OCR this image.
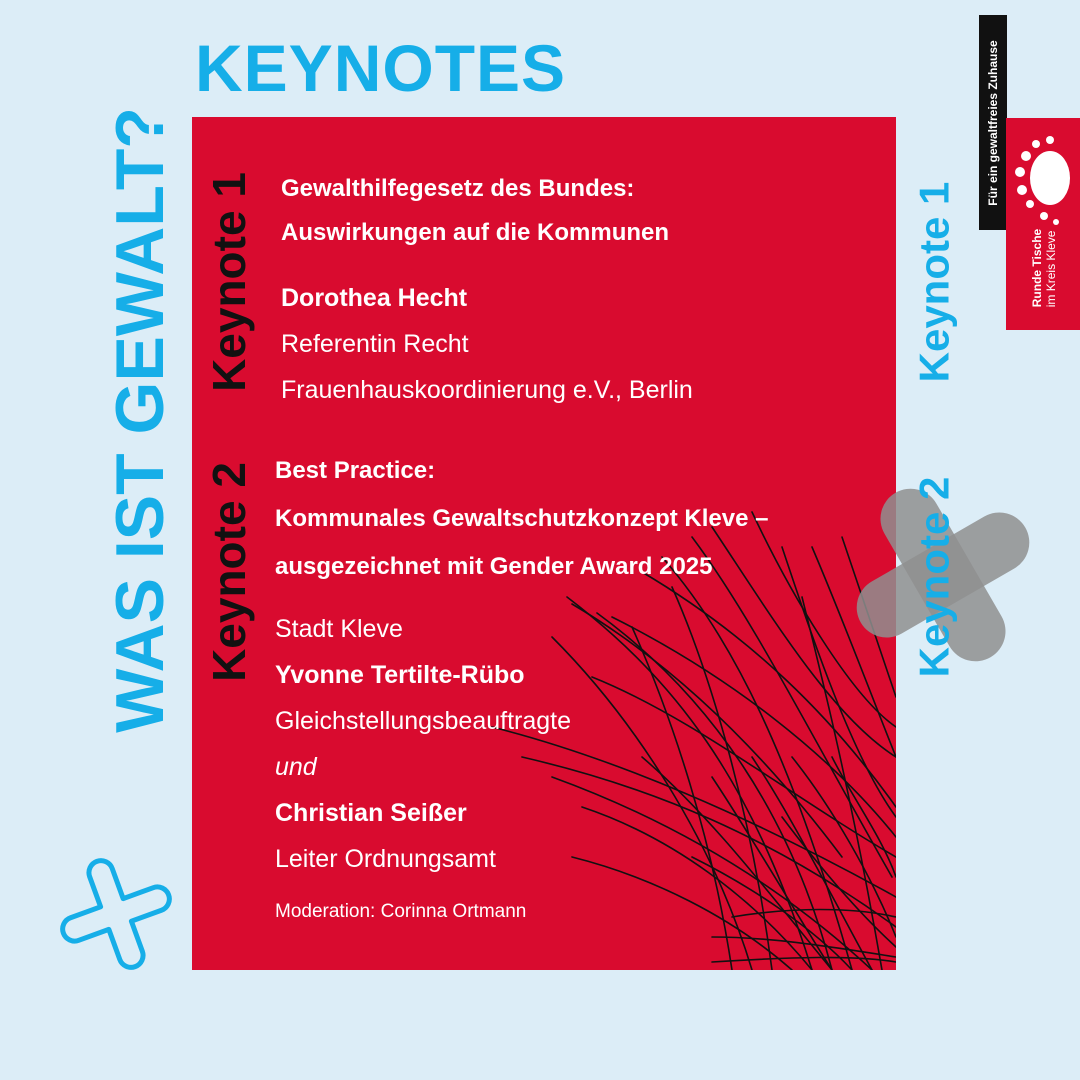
KEYNOTES
WAS IST GEWALT? Keynote 1
Keynote 2
Gewalthilfegesetz des Bundes:
Auswirkungen auf die Kommunen
Dorothea Hecht
Referentin Recht
Frauenhauskoordinierung e.V., Berlin
Best Practice:
Kommunales Gewaltschutzkonzept Kleve –
ausgezeichnet mit Gender Award 2025
Stadt Kleve
Yvonne Tertilte-Rübo
Gleichstellungsbeauftragte
und
Christian Seißer
Leiter Ordnungsamt
Moderation: Corinna Ortmann
Keynote 1
Keynote 2
Für ein gewaltfreies Zuhause
Runde Tische im Kreis Kleve
